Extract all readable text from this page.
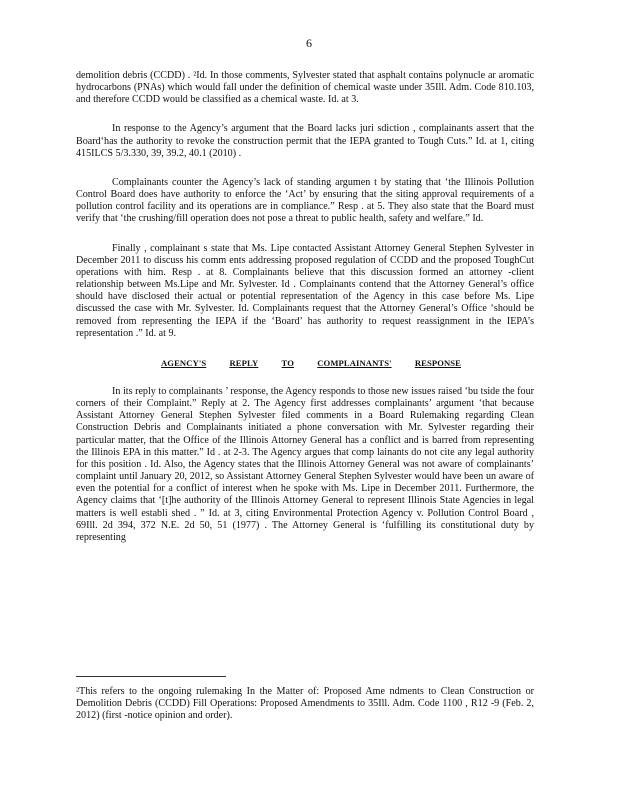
6

demolition debris (CCDD) . ²Id. In those comments, Sylvester stated that asphalt contains polynucle ar aromatic hydrocarbons (PNAs) which would fall under the definition of chemical waste under 35Ill. Adm. Code 810.103, and therefore CCDD would be classified as a chemical waste. Id. at 3.

In response to the Agency’s argument that the Board lacks juri sdiction , complainants assert that the Board‘has the authority to revoke the construction permit that the IEPA granted to Tough Cuts.” Id. at 1, citing 415ILCS 5/3.330, 39, 39.2, 40.1 (2010) .

Complainants counter the Agency’s lack of standing argumen t by stating that ‘the Illinois Pollution Control Board does have authority to enforce the ‘Act’ by ensuring that the siting approval requirements of a pollution control facility and its operations are in compliance.” Resp . at 5. They also state that the Board must verify that ‘the crushing/fill operation does not pose a threat to public health, safety and welfare.” Id.

Finally , complainant s state that Ms. Lipe contacted Assistant Attorney General Stephen Sylvester in December 2011 to discuss his comm ents addressing proposed regulation of CCDD and the proposed ToughCut operations with him. Resp . at 8. Complainants believe that this discussion formed an attorney -client relationship between Ms.Lipe and Mr. Sylvester. Id . Complainants contend that the Attorney General’s office should have disclosed their actual or potential representation of the Agency in this case before Ms. Lipe discussed the case with Mr. Sylvester. Id. Complainants request that the Attorney General’s Office ‘should be removed from representing the IEPA if the ‘Board’ has authority to request reassignment in the IEPA’s representation .” Id. at 9.

AGENCY'S	REPLY	TO	COMPLAINANTS'	RESPONSE

In its reply to complainants ’ response, the Agency responds to those new issues raised ‘bu tside the four corners of their Complaint.” Reply at 2. The Agency first addresses complainants’ argument ‘that because Assistant Attorney General Stephen Sylvester filed comments in a Board Rulemaking regarding Clean Construction Debris and Complainants initiated a phone conversation with Mr. Sylvester regarding their particular matter, that the Office of the Illinois Attorney General has a conflict and is barred from representing the Illinois EPA in this matter.” Id . at 2-3. The Agency argues that comp lainants do not cite any legal authority for this position . Id. Also, the Agency states that the Illinois Attorney General was not aware of complainants’ complaint until January 20, 2012, so Assistant Attorney General Stephen Sylvester would have been un aware of even the potential for a conflict of interest when he spoke with Ms. Lipe in December 2011. Furthermore, the Agency claims that ‘[t]he authority of the Illinois Attorney General to represent Illinois State Agencies in legal matters is well establi shed . ” Id. at 3, citing Environmental Protection Agency v. Pollution Control Board , 69Ill. 2d 394, 372 N.E. 2d 50, 51 (1977) . The Attorney General is ‘fulfilling its constitutional duty by representing

²This refers to the ongoing rulemaking In the Matter of: Proposed Ame ndments to Clean Construction or Demolition Debris (CCDD) Fill Operations: Proposed Amendments to 35Ill. Adm. Code 1100 , R12 -9 (Feb. 2, 2012) (first -notice opinion and order).
